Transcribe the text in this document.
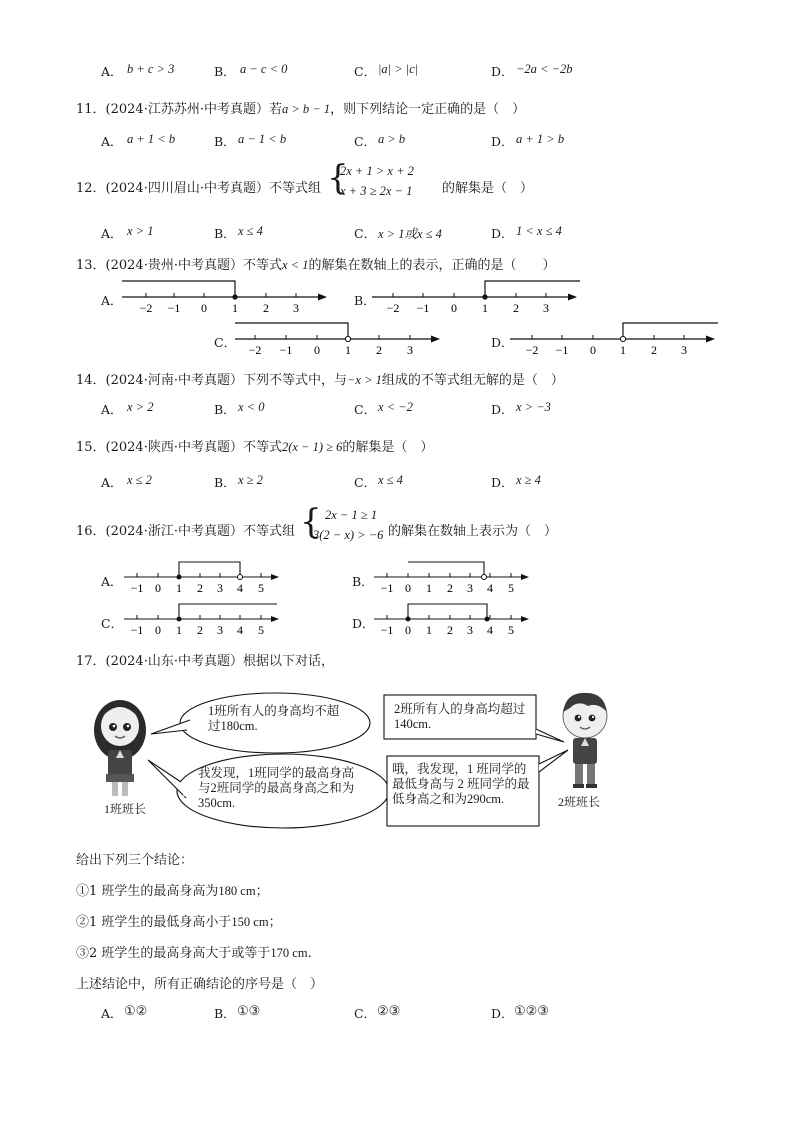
A． b + c > 3	B． a − c < 0	C． |a| > |c|	D． −2a < −2b
11．(2024·江苏苏州·中考真题）若a > b − 1，则下列结论一定正确的是（　）
A． a + 1 < b	B． a − 1 < b	C． a > b	D． a + 1 > b
12．(2024·四川眉山·中考真题）不等式组 {
2x + 1 > x + 2
x + 3 ≥ 2x − 1 的解集是（　）
A． x > 1	B． x ≤ 4	C． x > 1或x ≤ 4	D． 1 < x ≤ 4
13．(2024·贵州·中考真题）不等式x < 1的解集在数轴上的表示，正确的是（　　）
A． −2 −1 0 1 2 3	B． −2 −1 0 1 2 3
C． −2 −1 0 1 2 3	D． −2 −1 0 1 2 3
14．(2024·河南·中考真题）下列不等式中，与−x > 1组成的不等式组无解的是（　）
A． x > 2	B． x < 0	C． x < −2	D． x > −3
15．(2024·陕西·中考真题）不等式2(x − 1) ≥ 6的解集是（　）
A． x ≤ 2	B． x ≥ 2	C． x ≤ 4	D． x ≥ 4
16．(2024·浙江·中考真题）不等式组 { 2x − 1 ≥ 1
3(2 − x) > −6 的解集在数轴上表示为（　）
A． −1 0 1 2 3 4 5	B． −1 0 1 2 3 4 5
C． −1 0 1 2 3 4 5	D． −1 0 1 2 3 4 5
17．(2024·山东·中考真题）根据以下对话，
1班班长
1班所有人的身高均不超过180cm.
我发现，1班同学的最高身高与2班同学的最高身高之和为350cm.
2班所有人的身高均超过140cm.
哦，我发现，1 班同学的最低身高与 2 班同学的最低身高之和为290cm.	2班班长
给出下列三个结论：
①1 班学生的最高身高为180 cm；
②1 班学生的最低身高小于150 cm；
③2 班学生的最高身高大于或等于170 cm.
上述结论中，所有正确结论的序号是（　）
A． ①②	B． ①③	C． ②③	D． ①②③
